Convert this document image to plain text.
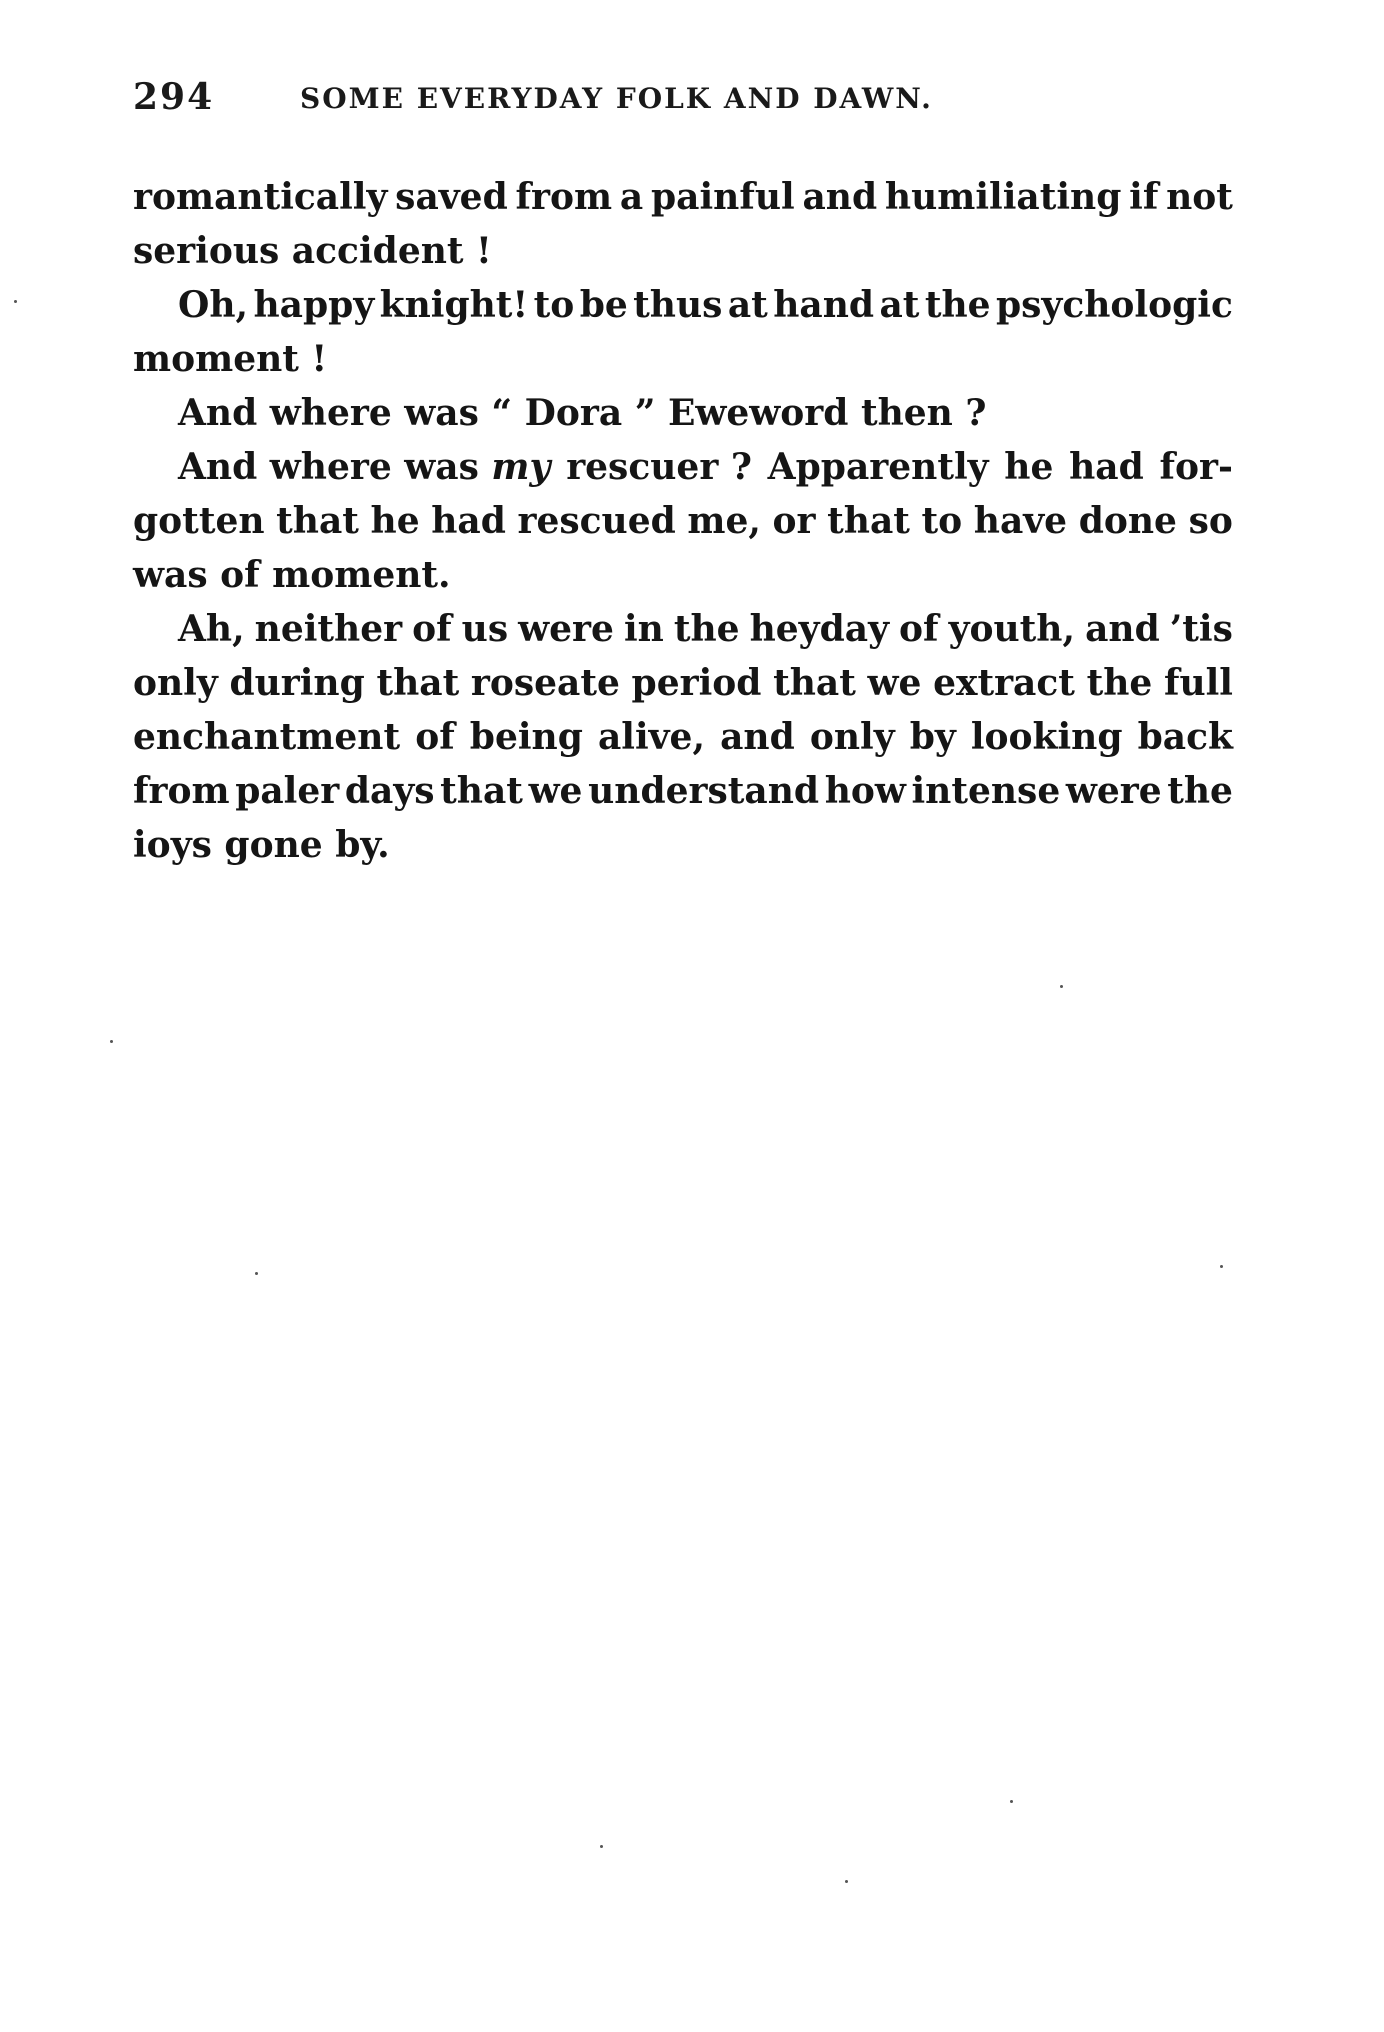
294	SOME EVERYDAY FOLK AND DAWN.
romantically saved from a painful and humiliating if not
serious accident !
Oh, happy knight! to be thus at hand at the psychologic
moment !
And where was “ Dora ” Eweword then ?
And where was my rescuer ? Apparently he had for-
gotten that he had rescued me, or that to have done so
was of moment.
Ah, neither of us were in the heyday of youth, and ’tis
only during that roseate period that we extract the full
enchantment of being alive, and only by looking back
from paler days that we understand how intense were the
ioys gone by.
